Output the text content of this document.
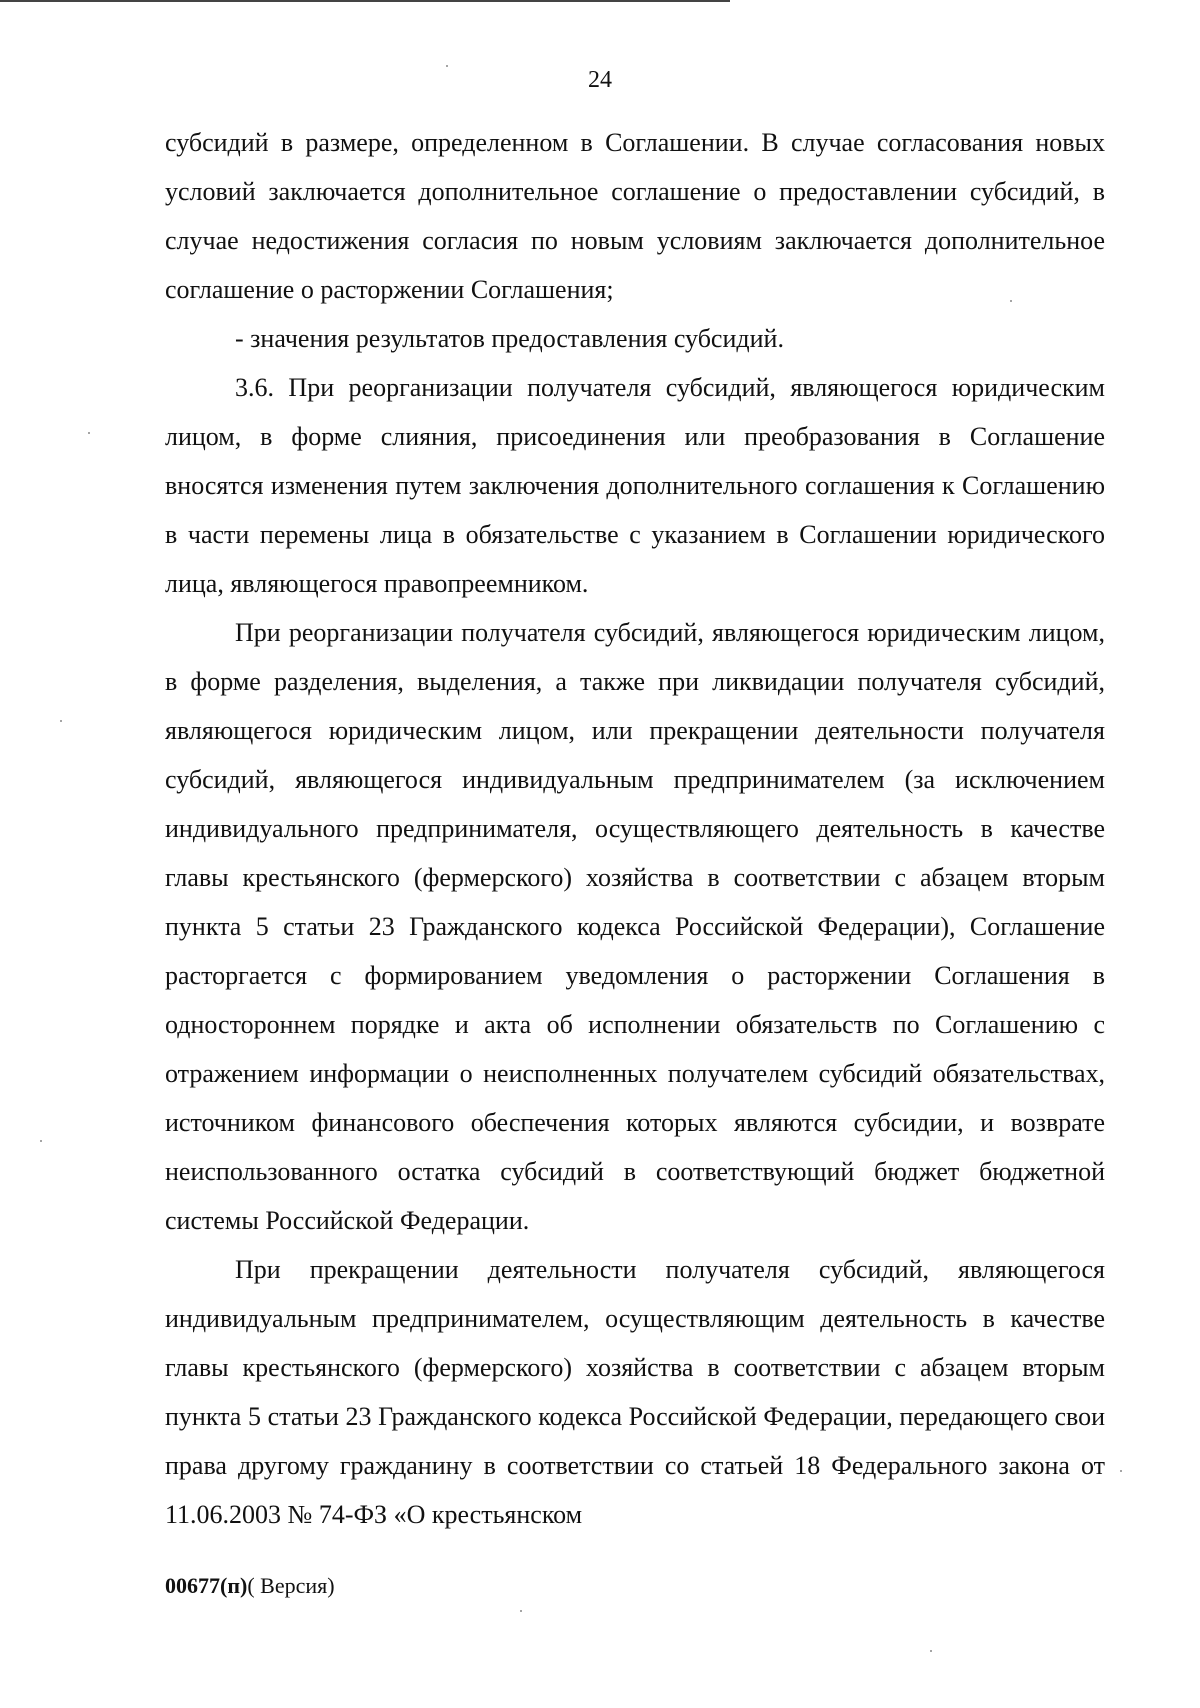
24

субсидий в размере, определенном в Соглашении. В случае согласования новых условий заключается дополнительное соглашение о предоставлении субсидий, в случае недостижения согласия по новым условиям заключается дополнительное соглашение о расторжении Соглашения;

- значения результатов предоставления субсидий.

3.6. При реорганизации получателя субсидий, являющегося юридическим лицом, в форме слияния, присоединения или преобразования в Соглашение вносятся изменения путем заключения дополнительного соглашения к Соглашению в части перемены лица в обязательстве с указанием в Соглашении юридического лица, являющегося правопреемником.

При реорганизации получателя субсидий, являющегося юридическим лицом, в форме разделения, выделения, а также при ликвидации получателя субсидий, являющегося юридическим лицом, или прекращении деятельности получателя субсидий, являющегося индивидуальным предпринимателем (за исключением индивидуального предпринимателя, осуществляющего деятельность в качестве главы крестьянского (фермерского) хозяйства в соответствии с абзацем вторым пункта 5 статьи 23 Гражданского кодекса Российской Федерации), Соглашение расторгается с формированием уведомления о расторжении Соглашения в одностороннем порядке и акта об исполнении обязательств по Соглашению с отражением информации о неисполненных получателем субсидий обязательствах, источником финансового обеспечения которых являются субсидии, и возврате неиспользованного остатка субсидий в соответствующий бюджет бюджетной системы Российской Федерации.

При прекращении деятельности получателя субсидий, являющегося индивидуальным предпринимателем, осуществляющим деятельность в качестве главы крестьянского (фермерского) хозяйства в соответствии с абзацем вторым пункта 5 статьи 23 Гражданского кодекса Российской Федерации, передающего свои права другому гражданину в соответствии со статьей 18 Федерального закона от 11.06.2003 № 74-ФЗ «О крестьянском

00677(п)( Версия)
